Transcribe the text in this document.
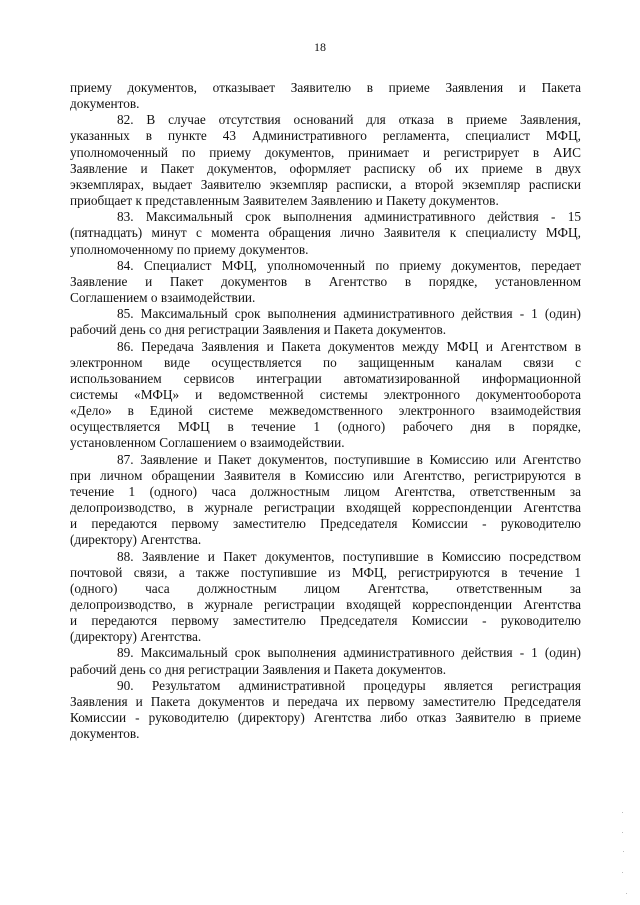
18
приему документов, отказывает Заявителю в приеме Заявления и Пакета
документов.
82. В случае отсутствия оснований для отказа в приеме Заявления,
указанных в пункте 43 Административного регламента, специалист МФЦ,
уполномоченный по приему документов, принимает и регистрирует в АИС
Заявление и Пакет документов, оформляет расписку об их приеме в двух
экземплярах, выдает Заявителю экземпляр расписки, а второй экземпляр расписки
приобщает к представленным Заявителем Заявлению и Пакету документов.
83. Максимальный срок выполнения административного действия - 15
(пятнадцать) минут с момента обращения лично Заявителя к специалисту МФЦ,
уполномоченному по приему документов.
84. Специалист МФЦ, уполномоченный по приему документов, передает
Заявление и Пакет документов в Агентство в порядке, установленном
Соглашением о взаимодействии.
85. Максимальный срок выполнения административного действия - 1 (один)
рабочий день со дня регистрации Заявления и Пакета документов.
86. Передача Заявления и Пакета документов между МФЦ и Агентством в
электронном виде осуществляется по защищенным каналам связи с
использованием сервисов интеграции автоматизированной информационной
системы «МФЦ» и ведомственной системы электронного документооборота
«Дело» в Единой системе межведомственного электронного взаимодействия
осуществляется МФЦ в течение 1 (одного) рабочего дня в порядке,
установленном Соглашением о взаимодействии.
87. Заявление и Пакет документов, поступившие в Комиссию или Агентство
при личном обращении Заявителя в Комиссию или Агентство, регистрируются в
течение 1 (одного) часа должностным лицом Агентства, ответственным за
делопроизводство, в журнале регистрации входящей корреспонденции Агентства
и передаются первому заместителю Председателя Комиссии - руководителю
(директору) Агентства.
88. Заявление и Пакет документов, поступившие в Комиссию посредством
почтовой связи, а также поступившие из МФЦ, регистрируются в течение 1
(одного) часа должностным лицом Агентства, ответственным за
делопроизводство, в журнале регистрации входящей корреспонденции Агентства
и передаются первому заместителю Председателя Комиссии - руководителю
(директору) Агентства.
89. Максимальный срок выполнения административного действия - 1 (один)
рабочий день со дня регистрации Заявления и Пакета документов.
90. Результатом административной процедуры является регистрация
Заявления и Пакета документов и передача их первому заместителю Председателя
Комиссии - руководителю (директору) Агентства либо отказ Заявителю в приеме
документов.
